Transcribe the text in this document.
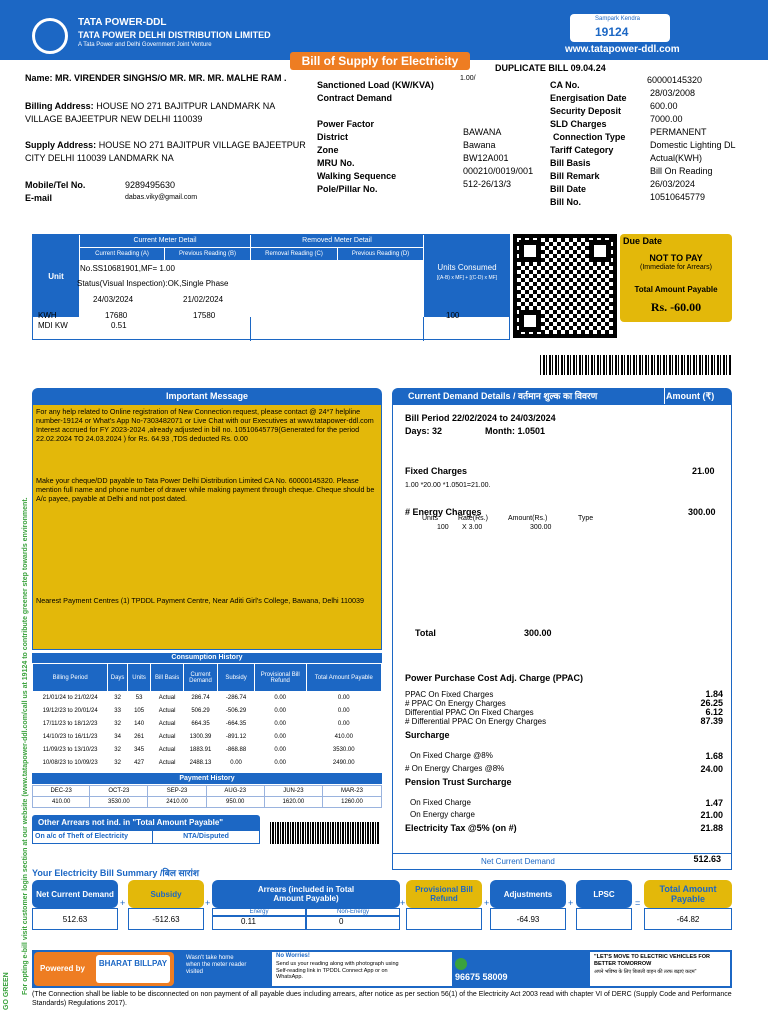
TATA POWER-DDL
TATA POWER DELHI DISTRIBUTION LIMITED
A Tata Power and Delhi Government Joint Venture
Sampark Kendra
19124
www.tatapower-ddl.com
Bill of Supply for Electricity	DUPLICATE BILL 09.04.24
Name: MR. VIRENDER SINGHS/O MR. MR. MR. MALHE RAM .
Billing Address: HOUSE NO 271 BAJITPUR LANDMARK NA VILLAGE BAJEETPUR NEW DELHI 110039
Supply Address: HOUSE NO 271 BAJITPUR VILLAGE BAJEETPUR CITY DELHI 110039 LANDMARK NA
Mobile/Tel No.	9289495630
E-mail	dabas.viky@gmail.com
Sanctioned Load (KW/KVA)
1.00/
Contract Demand
Power Factor
District	BAWANA
Zone	Bawana
MRU No.	BW12A001
Walking Sequence	000210/0019/001
Pole/Pillar No.	512-26/13/3
CA No.	60000145320
Energisation Date	28/03/2008
Security Deposit	600.00
SLD Charges	7000.00
Connection Type	PERMANENT
Tariff Category	Domestic Lighting DL
Bill Basis	Actual(KWH)
Bill Remark	Bill On Reading
Bill Date	26/03/2024
Bill No.	10510645779
Unit
Current Meter Detail	Removed Meter Detail
Current Reading (A)	Previous Reading (B)	Removal Reading (C)	Previous Reading (D)
Units Consumed
[(A-B) x MF] + [(C-D) x MF]
No.SS10681901,MF= 1.00
Status(Visual Inspection):OK,Single Phase
24/03/2024	21/02/2024
KWH	17680	17580	100
MDI KW	0.51
Due Date
NOT TO PAY
(Immediate for Arrears)
Total Amount Payable
Rs. -60.00
For opting e-bill visit customer login section at our website (www.tatapower-ddl.com/call us at 19124 to contribute greener step towards environment.
GO GREEN
Important Message
For any help related to Online registration of New Connection request, please contact @ 24*7 helpline number-19124 or What's App No-7303482071 or Live Chat with our Executives at www.tatapower-ddl.com
Interest accrued for FY 2023-2024 ,already adjusted in bill no. 10510645779(Generated for the period 22.02.2024 TO 24.03.2024 ) for Rs. 64.93 ,TDS deducted Rs. 0.00
Make your cheque/DD payable to Tata Power Delhi Distribution Limited CA No. 60000145320. Please mention full name and phone number of drawer while making payment through cheque. Cheque should be A/c payee, payable at Delhi and not post dated.
Nearest Payment Centres (1) TPDDL Payment Centre, Near Aditi Girl's College, Bawana, Delhi 110039
Consumption History
Billing Period	Days	Units	Bill Basis	Current Demand	Subsidy	Provisional Bill Refund	Total Amount Payable
21/01/24 to 21/02/24	32	53	Actual	286.74	-286.74	0.00	0.00
19/12/23 to 20/01/24	33	105	Actual	506.29	-506.29	0.00	0.00
17/11/23 to 18/12/23	32	140	Actual	664.35	-664.35	0.00	0.00
14/10/23 to 16/11/23	34	261	Actual	1300.39	-891.12	0.00	410.00
11/09/23 to 13/10/23	32	345	Actual	1883.91	-868.88	0.00	3530.00
10/08/23 to 10/09/23	32	427	Actual	2488.13	0.00	0.00	2490.00
Payment History
DEC-23	OCT-23	SEP-23	AUG-23	JUN-23	MAR-23
410.00	3530.00	2410.00	950.00	1620.00	1260.00
Other Arrears not ind. in "Total Amount Payable"
On a/c of Theft of Electricity	NTA/Disputed
Current Demand Details / वर्तमान शुल्क का विवरण	Amount (₹)
Bill Period 22/02/2024 to 24/03/2024
Days: 32	Month: 1.0501
Fixed Charges	21.00
1.00 *20.00 *1.0501=21.00.
# Energy Charges	300.00
Units	Rate(Rs.)	Amount(Rs.)	Type
100 X 3.00	300.00
Total	300.00
Power Purchase Cost Adj. Charge (PPAC)
PPAC On Fixed Charges	1.84
# PPAC On Energy Charges	26.25
Differential PPAC On Fixed Charges	6.12
# Differential PPAC On Energy Charges	87.39
Surcharge
On Fixed Charge @8%	1.68
# On Energy Charges @8%	24.00
Pension Trust Surcharge
On Fixed Charge	1.47
On Energy charge	21.00
Electricity Tax @5% (on #)	21.88
Net Current Demand	512.63
Your Electricity Bill Summary /बिल सारांश
Net Current Demand
512.63
+
Subsidy
-512.63
+
Arrears (included in Total Amount Payable)
Energy	Non-Energy
0.11	0
+
Provisional Bill Refund	+
Adjustments
-64.93
+
LPSC
=
Total Amount Payable
-64.82
Powered by
BHARAT BILLPAY
Wasn't take home when the meter reader visited
No Worries!
Send us your reading along with photograph using Self-reading link in TPDDL Connect App or on WhatsApp.	96675 58009
"LET'S MOVE TO ELECTRIC VEHICLES FOR BETTER TOMORROW
अपने भविष्य के लिए बिजली वाहन की तरफ बढ़ाएं कदम"
(The Connection shall be liable to be disconnected on non payment of all payable dues including arrears, after notice as per section 56(1) of the Electricity Act 2003 read with chapter VI of DERC (Supply Code and Performance Standards) Regulations 2017).
